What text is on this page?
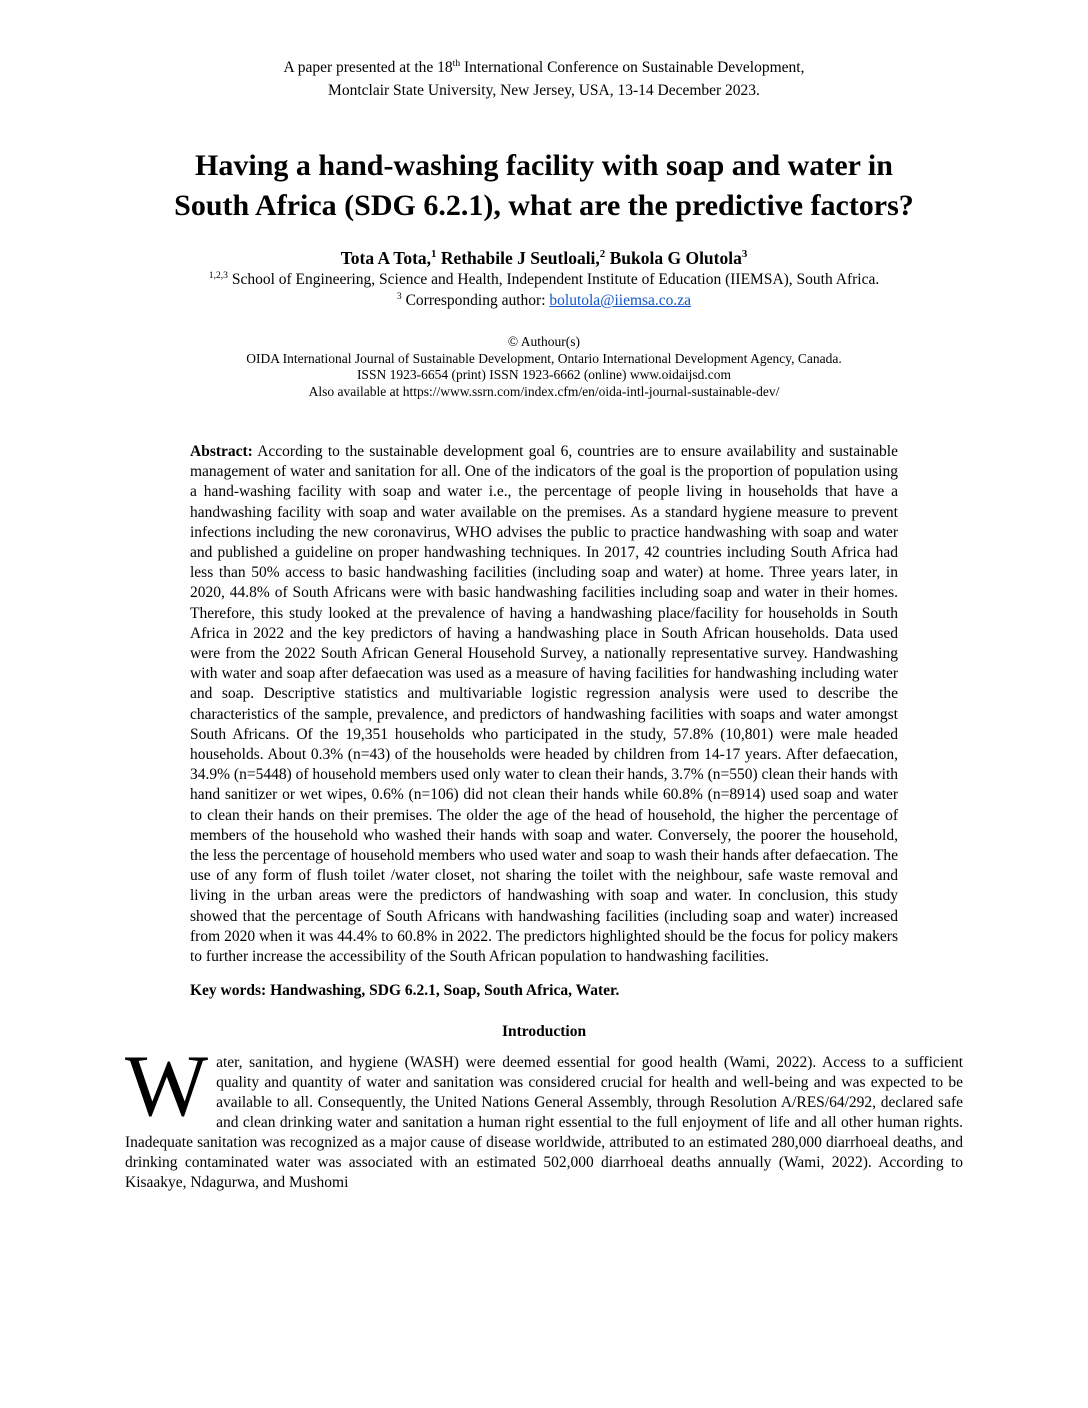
A paper presented at the 18th International Conference on Sustainable Development,

Montclair State University, New Jersey, USA, 13-14 December 2023.

Having a hand-washing facility with soap and water in
South Africa (SDG 6.2.1), what are the predictive factors?

Tota A Tota,$^1$ Rethabile J Seutloali,$^2$ Bukola G Olutola$^3$

$^{1,2,3}$ School of Engineering, Science and Health, Independent Institute of Education (IIEMSA), South Africa.

$^3$ Corresponding author: bolutola@iiemsa.co.za

© Authour(s)

OIDA International Journal of Sustainable Development, Ontario International Development Agency, Canada.

ISSN 1923-6654 (print) ISSN 1923-6662 (online) www.oidaijsd.com

Also available at https://www.ssrn.com/index.cfm/en/oida-intl-journal-sustainable-dev/

Abstract: According to the sustainable development goal 6, countries are to ensure availability and sustainable management of water and sanitation for all. One of the indicators of the goal is the proportion of population using a hand-washing facility with soap and water i.e., the percentage of people living in households that have a handwashing facility with soap and water available on the premises. As a standard hygiene measure to prevent infections including the new coronavirus, WHO advises the public to practice handwashing with soap and water and published a guideline on proper handwashing techniques. In 2017, 42 countries including South Africa had less than 50% access to basic handwashing facilities (including soap and water) at home. Three years later, in 2020, 44.8% of South Africans were with basic handwashing facilities including soap and water in their homes. Therefore, this study looked at the prevalence of having a handwashing place/facility for households in South Africa in 2022 and the key predictors of having a handwashing place in South African households. Data used were from the 2022 South African General Household Survey, a nationally representative survey. Handwashing with water and soap after defaecation was used as a measure of having facilities for handwashing including water and soap. Descriptive statistics and multivariable logistic regression analysis were used to describe the characteristics of the sample, prevalence, and predictors of handwashing facilities with soaps and water amongst South Africans. Of the 19,351 households who participated in the study, 57.8% (10,801) were male headed households. About 0.3% (n=43) of the households were headed by children from 14-17 years. After defaecation, 34.9% (n=5448) of household members used only water to clean their hands, 3.7% (n=550) clean their hands with hand sanitizer or wet wipes, 0.6% (n=106) did not clean their hands while 60.8% (n=8914) used soap and water to clean their hands on their premises. The older the age of the head of household, the higher the percentage of members of the household who washed their hands with soap and water. Conversely, the poorer the household, the less the percentage of household members who used water and soap to wash their hands after defaecation. The use of any form of flush toilet /water closet, not sharing the toilet with the neighbour, safe waste removal and living in the urban areas were the predictors of handwashing with soap and water. In conclusion, this study showed that the percentage of South Africans with handwashing facilities (including soap and water) increased from 2020 when it was 44.4% to 60.8% in 2022. The predictors highlighted should be the focus for policy makers to further increase the accessibility of the South African population to handwashing facilities.

Key words: Handwashing, SDG 6.2.1, Soap, South Africa, Water.

Introduction

Water, sanitation, and hygiene (WASH) were deemed essential for good health (Wami, 2022). Access to a sufficient quality and quantity of water and sanitation was considered crucial for health and well-being and was expected to be available to all. Consequently, the United Nations General Assembly, through Resolution A/RES/64/292, declared safe and clean drinking water and sanitation a human right essential to the full enjoyment of life and all other human rights. Inadequate sanitation was recognized as a major cause of disease worldwide, attributed to an estimated 280,000 diarrhoeal deaths, and drinking contaminated water was associated with an estimated 502,000 diarrhoeal deaths annually (Wami, 2022). According to Kisaakye, Ndagurwa, and Mushomi
